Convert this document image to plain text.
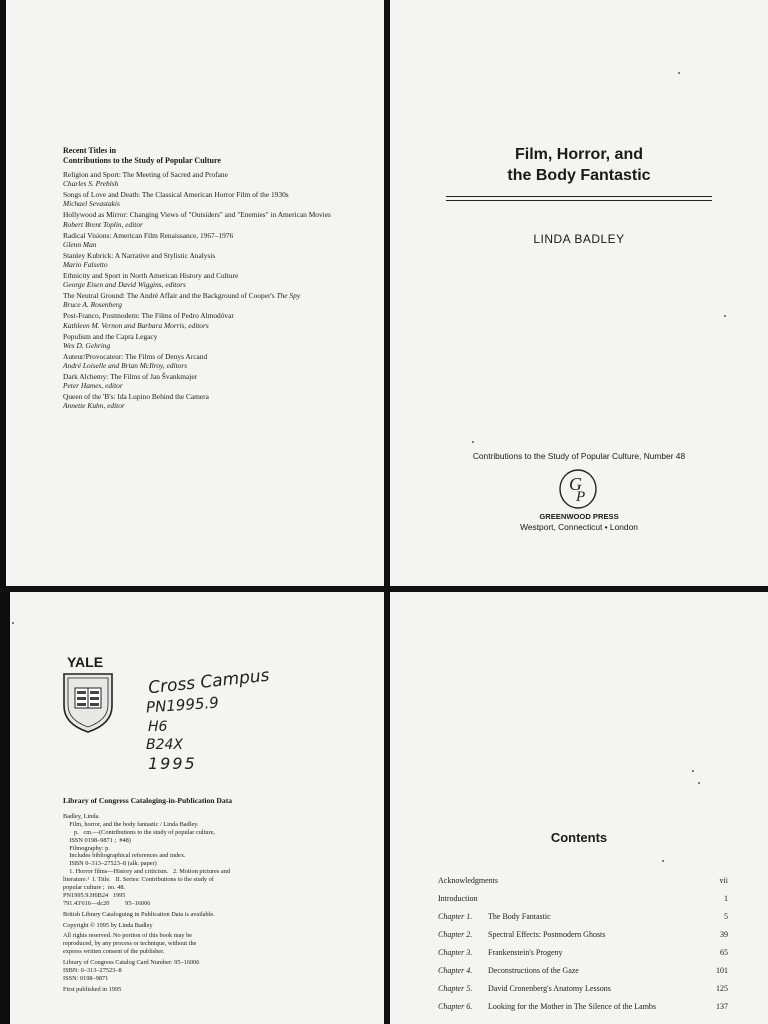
Recent Titles in
Contributions to the Study of Popular Culture
Religion and Sport: The Meeting of Sacred and Profane
Charles S. Prebish
Songs of Love and Death: The Classical American Horror Film of the 1930s
Michael Sevastakis
Hollywood as Mirror: Changing Views of "Outsiders" and "Enemies" in American Movies
Robert Brent Toplin, editor
Radical Visions: American Film Renaissance, 1967–1976
Glenn Man
Stanley Kubrick: A Narrative and Stylistic Analysis
Mario Falsetto
Ethnicity and Sport in North American History and Culture
George Eisen and David Wiggins, editors
The Neutral Ground: The André Affair and the Background of Cooper's The Spy
Bruce A. Rosenberg
Post-Franco, Postmodern: The Films of Pedro Almodóvar
Kathleen M. Vernon and Barbara Morris, editors
Populism and the Capra Legacy
Wes D. Gehring
Auteur/Provocateur: The Films of Denys Arcand
André Loiselle and Brian McIlroy, editors
Dark Alchemy: The Films of Jan Švankmajer
Peter Hames, editor
Queen of the 'B's: Ida Lupino Behind the Camera
Annette Kuhn, editor
Film, Horror, and
the Body Fantastic
LINDA BADLEY
Contributions to the Study of Popular Culture, Number 48
G
P
GREENWOOD PRESS
Westport, Connecticut • London
YALE
Cross Campus
PN1995.9
H6
B24X
1995
Library of Congress Cataloging-in-Publication Data
Badley, Linda.
Film, horror, and the body fantastic / Linda Badley.
p.   cm.—(Contributions to the study of popular culture,
ISSN 0198–9871 ;  #48)
Filmography: p.
Includes bibliographical references and index.
ISBN 0–313–27523–8 (alk. paper)
1. Horror films—History and criticism.   2. Motion pictures and
literature.¹  I. Title.   II. Series: Contributions to the study of
popular culture ;  no. 48.
PN1995.9.H6B24   1995
791.43'616—dc20          95–16006
British Library Cataloguing in Publication Data is available.
Copyright © 1995 by Linda Badley
All rights reserved. No portion of this book may be
reproduced, by any process or technique, without the
express written consent of the publisher.
Library of Congress Catalog Card Number: 95–16006
ISBN: 0–313–27523–8
ISSN: 0198–9871
First published in 1995
Contents
Acknowledgments	vii
Introduction	1
Chapter 1. The Body Fantastic	5
Chapter 2. Spectral Effects: Postmodern Ghosts	39
Chapter 3. Frankenstein's Progeny	65
Chapter 4. Deconstructions of the Gaze	101
Chapter 5. David Cronenberg's Anatomy Lessons	125
Chapter 6. Looking for the Mother in The Silence of the Lambs	137
